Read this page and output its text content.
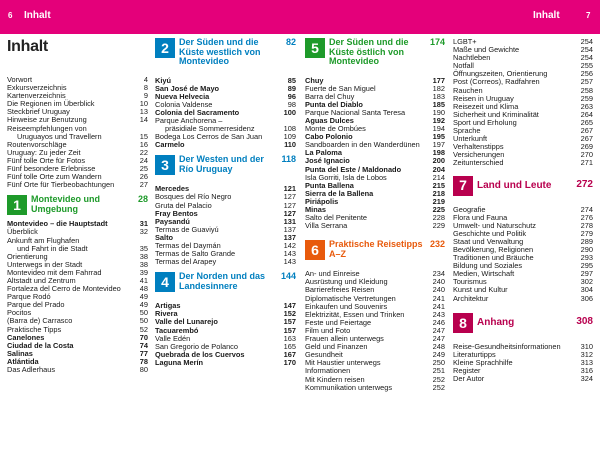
6 Inhalt	Inhalt	7
Inhalt
Vorwort	4
Exkursverzeichnis	8
Kartenverzeichnis	9
Die Regionen im Überblick	10
Steckbrief Uruguay	13
Hinweise zur Benutzung	14
Reiseempfehlungen von
Uruguayos und Travellern	15
Routenvorschläge	16
Uruguay: Zu jeder Zeit	22
Fünf tolle Orte für Fotos	24
Fünf besondere Erlebnisse	25
Fünf tolle Orte zum Wandern	26
Fünf Orte für Tierbeobachtungen	27
1	Montevideo und Umgebung
28
Montevideo – die Hauptstadt	31
Überblick	32
Ankunft am Flughafen
und Fahrt in die Stadt	35
Orientierung	38
Unterwegs in der Stadt	38
Montevideo mit dem Fahrrad	39
Altstadt und Zentrum	41
Fortaleza del Cerro de Montevideo	48
Parque Rodó	49
Parque del Prado	49
Pocitos	50
(Barra de) Carrasco	50
Praktische Tipps	52
Canelones	70
Ciudad de la Costa	74
Salinas	77
Atlántida	78
Das Adlerhaus	80
2	Der Süden und die Küste westlich von Montevideo
82
Kiyú	85
San José de Mayo	89
Nueva Helvecia	96
Colonia Valdense	98
Colonia del Sacramento	100
Parque Anchorena –
präsidiale Sommerresidenz	108
Bodega Los Cerros de San Juan	109
Carmelo	110
3	Der Westen und der Río Uruguay
118
Mercedes	121
Bosques del Río Negro	127
Gruta del Palacio	127
Fray Bentos	127
Paysandú	131
Termas de Guaviyú	137
Salto	137
Termas del Daymán	142
Termas de Salto Grande	143
Termas del Arapey	143
4	Der Norden und das Landesinnere
144
Artigas	147
Rivera	152
Valle del Lunarejo	157
Tacuarembó	157
Valle Edén	163
San Gregorio de Polanco	165
Quebrada de los Cuervos	167
Laguna Merín	170
5	Der Süden und die Küste östlich von Montevideo
174
Chuy	177
Fuerte de San Miguel	182
Barra del Chuy	183
Punta del Diablo	185
Parque Nacional Santa Teresa	190
Aguas Dulces	192
Monte de Ombúes	194
Cabo Polonio	195
Sandboarden in den Wanderdünen 197
La Paloma	198
José Ignacio	200
Punta del Este / Maldonado	204
Isla Gorriti, Isla de Lobos	214
Punta Ballena	215
Sierra de la Ballena	218
Piriápolis	219
Minas	225
Salto del Penitente	228
Villa Serrana	229
6	Praktische Reisetipps A–Z
232
An- und Einreise	234
Ausrüstung und Kleidung	240
Barrierefreies Reisen	240
Diplomatische Vertretungen	241
Einkaufen und Souvenirs	241
Elektrizität, Essen und Trinken	243
Feste und Feiertage	246
Film und Foto	247
Frauen allein unterwegs	247
Geld und Finanzen	248
Gesundheit	249
Mit Haustier unterwegs	250
Informationen	251
Mit Kindern reisen	252
Kommunikation unterwegs	252
LGBT+	254
Maße und Gewichte	254
Nachtleben	254
Notfall	255
Öffnungszeiten, Orientierung	256
Post (Correos), Radfahren	257
Rauchen	258
Reisen in Uruguay	259
Reisezeit und Klima	263
Sicherheit und Kriminalität	264
Sport und Erholung	265
Sprache	267
Unterkunft	267
Verhaltenstipps	269
Versicherungen	270
Zeitunterschied	271
7	Land und Leute	272
Geografie	274
Flora und Fauna	276
Umwelt- und Naturschutz	278
Geschichte und Politik	279
Staat und Verwaltung	289
Bevölkerung, Religionen	290
Traditionen und Bräuche	293
Bildung und Soziales	295
Medien, Wirtschaft	297
Tourismus	302
Kunst und Kultur	304
Architektur	306
8	Anhang	308
Reise-Gesundheitsinformationen	310
Literaturtipps	312
Kleine Sprachhilfe	313
Register	316
Der Autor	324
